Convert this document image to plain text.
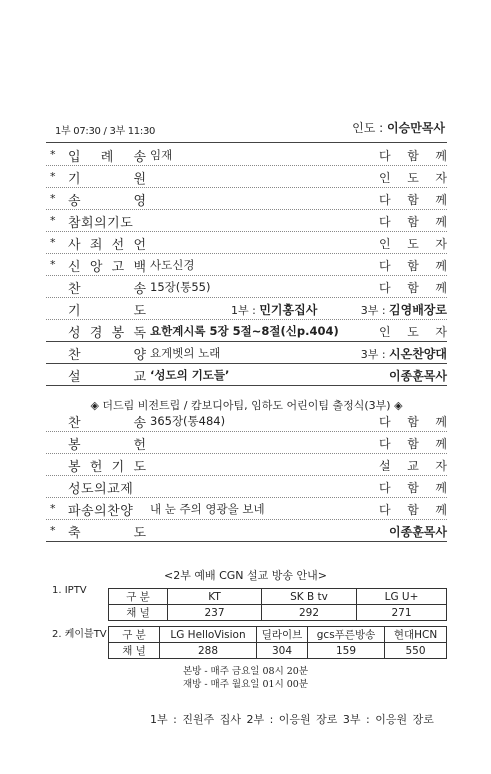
1부 07:30 / 3부 11:30	인도 : 이승만목사
* 입 례 송 임재	다 함 께
* 기	원	인 도 자
* 송	영	다 함 께
* 참회의기도	다 함 께
* 사 죄 선 언	인 도 자
* 신 앙 고 백 사도신경	다 함 께
찬	송 15장(통55)	다 함 께
기	도	1부 : 민기홍집사	3부 : 김영배장로
성 경 봉 독 요한계시록 5장 5절~8절(신p.404)	인 도 자
찬	양 요게벳의 노래	3부 : 시온찬양대
설	교 ‘성도의 기도들’	이종훈목사
찬	송 365장(통484)	다 함 께
봉	헌	다 함 께
봉 헌 기 도	설 교 자
성도의교제	다 함 께
* 파송의찬양 내 눈 주의 영광을 보네	다 함 께
* 축	도	이종훈목사
◈ 더드림 비전트립 / 캄보디아팀, 임하도 어린이팀 출정식(3부) ◈
<2부 예배 CGN 설교 방송 안내>
1. IPTV
구 분	KT	SK B tv	LG U+
채 널	237	292	271
2. 케이블TV 구 분	LG HelloVision	딜라이브	gcs푸른방송	현대HCN
채 널	288	304	159	550
본방 - 매주 금요일 08시 20분
재방 - 매주 월요일 01시 00분
1부 : 진원주 집사 2부 : 이응원 장로 3부 : 이응원 장로
